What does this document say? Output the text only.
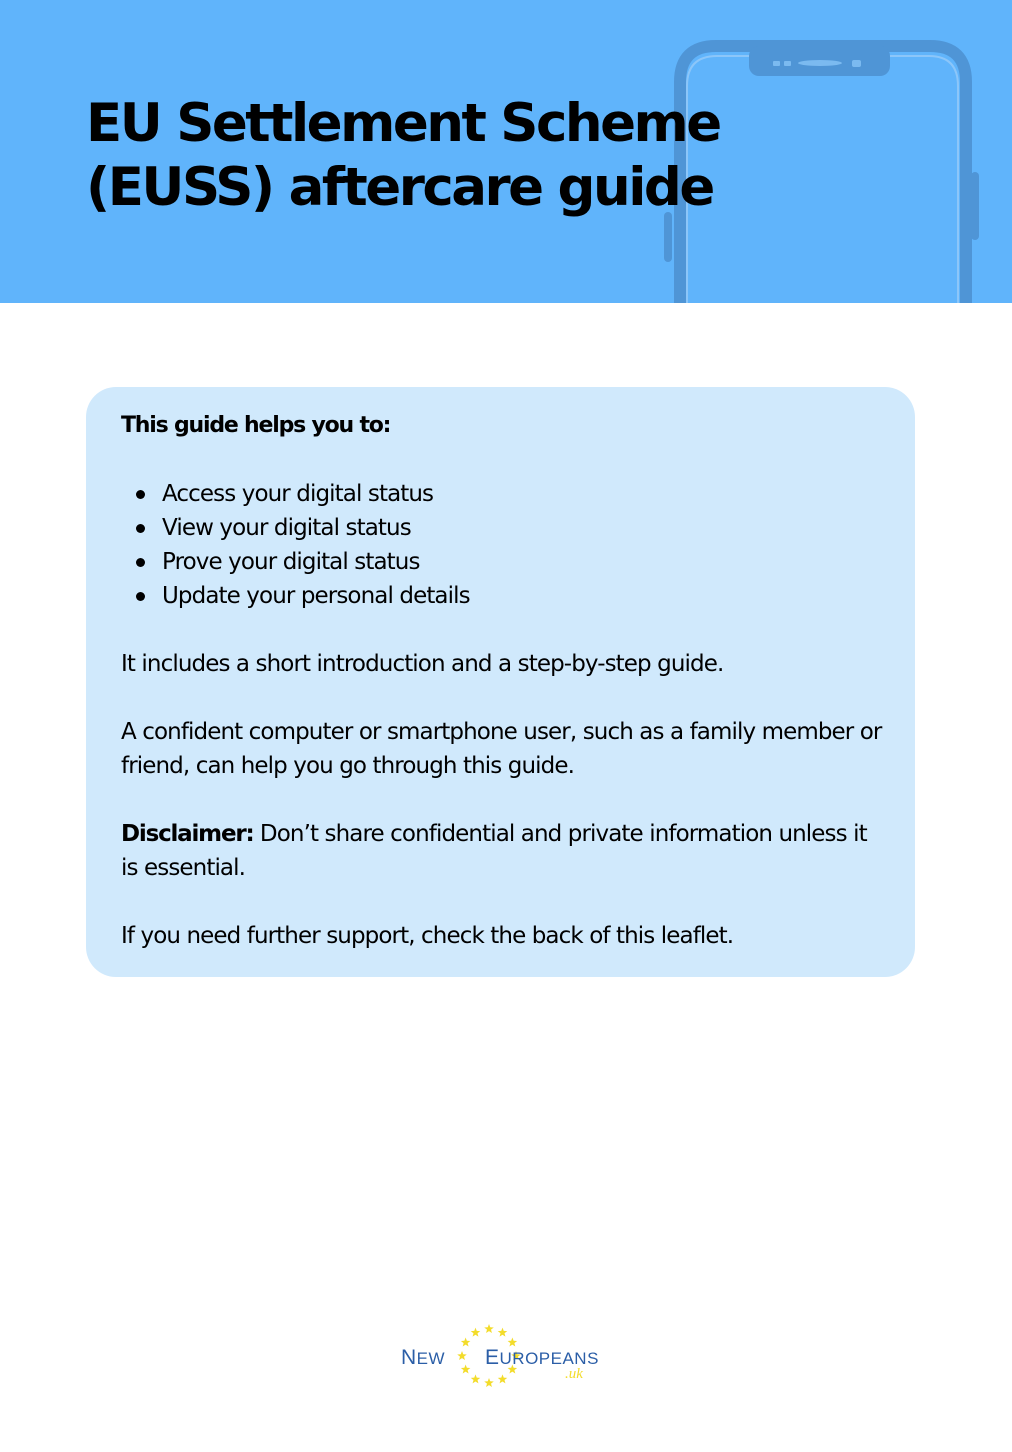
EU Settlement Scheme
(EUSS) aftercare guide
This guide helps you to:
Access your digital status
View your digital status
Prove your digital status
Update your personal details

It includes a short introduction and a step-by-step guide.

A confident computer or smartphone user, such as a family member or friend, can help you go through this guide.

Disclaimer: Don’t share confidential and private information unless it is essential.

If you need further support, check the back of this leaflet.

NEW EUROPEANS
.uk
